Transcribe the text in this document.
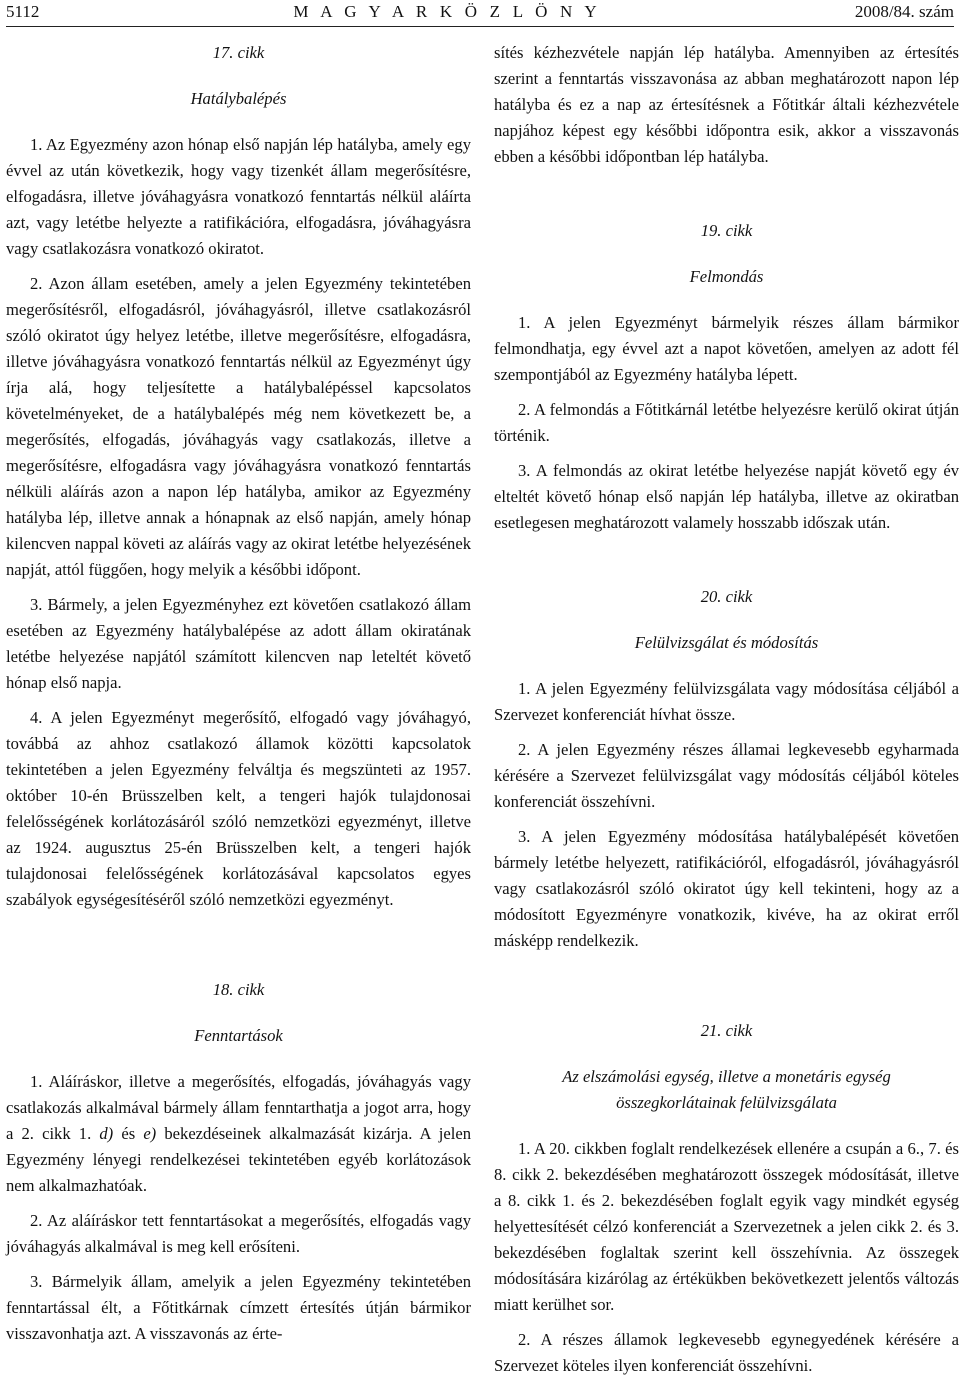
5112	M A G Y A R K Ö Z L Ö N Y	2008/84. szám

17. cikk

Hatálybalépés

1. Az Egyezmény azon hónap első napján lép hatályba, amely egy évvel az után következik, hogy vagy tizenkét állam megerősítésre, elfogadásra, illetve jóváhagyásra vonatkozó fenntartás nélkül aláírta azt, vagy letétbe helyezte a ratifikációra, elfogadásra, jóváhagyásra vagy csatlakozásra vonatkozó okiratot.

2. Azon állam esetében, amely a jelen Egyezmény tekintetében megerősítésről, elfogadásról, jóváhagyásról, illetve csatlakozásról szóló okiratot úgy helyez letétbe, illetve megerősítésre, elfogadásra, illetve jóváhagyásra vonatkozó fenntartás nélkül az Egyezményt úgy írja alá, hogy teljesítette a hatálybalépéssel kapcsolatos követelményeket, de a hatálybalépés még nem következett be, a megerősítés, elfogadás, jóváhagyás vagy csatlakozás, illetve a megerősítésre, elfogadásra vagy jóváhagyásra vonatkozó fenntartás nélküli aláírás azon a napon lép hatályba, amikor az Egyezmény hatályba lép, illetve annak a hónapnak az első napján, amely hónap kilencven nappal követi az aláírás vagy az okirat letétbe helyezésének napját, attól függően, hogy melyik a későbbi időpont.

3. Bármely, a jelen Egyezményhez ezt követően csatlakozó állam esetében az Egyezmény hatálybalépése az adott állam okiratának letétbe helyezése napjától számított kilencven nap leteltét követő hónap első napja.

4. A jelen Egyezményt megerősítő, elfogadó vagy jóváhagyó, továbbá az ahhoz csatlakozó államok közötti kapcsolatok tekintetében a jelen Egyezmény felváltja és megszünteti az 1957. október 10-én Brüsszelben kelt, a tengeri hajók tulajdonosai felelősségének korlátozásáról szóló nemzetközi egyezményt, illetve az 1924. augusztus 25-én Brüsszelben kelt, a tengeri hajók tulajdonosai felelősségének korlátozásával kapcsolatos egyes szabályok egységesítéséről szóló nemzetközi egyezményt.

18. cikk

Fenntartások

1. Aláíráskor, illetve a megerősítés, elfogadás, jóváhagyás vagy csatlakozás alkalmával bármely állam fenntarthatja a jogot arra, hogy a 2. cikk 1. d) és e) bekezdéseinek alkalmazását kizárja. A jelen Egyezmény lényegi rendelkezései tekintetében egyéb korlátozások nem alkalmazhatóak.

2. Az aláíráskor tett fenntartásokat a megerősítés, elfogadás vagy jóváhagyás alkalmával is meg kell erősíteni.

3. Bármelyik állam, amelyik a jelen Egyezmény tekintetében fenntartással élt, a Főtitkárnak címzett értesítés útján bármikor visszavonhatja azt. A visszavonás az érte-

sítés kézhezvétele napján lép hatályba. Amennyiben az értesítés szerint a fenntartás visszavonása az abban meghatározott napon lép hatályba és ez a nap az értesítésnek a Főtitkár általi kézhezvétele napjához képest egy későbbi időpontra esik, akkor a visszavonás ebben a későbbi időpontban lép hatályba.

19. cikk

Felmondás

1. A jelen Egyezményt bármelyik részes állam bármikor felmondhatja, egy évvel azt a napot követően, amelyen az adott fél szempontjából az Egyezmény hatályba lépett.

2. A felmondás a Főtitkárnál letétbe helyezésre kerülő okirat útján történik.

3. A felmondás az okirat letétbe helyezése napját követő egy év elteltét követő hónap első napján lép hatályba, illetve az okiratban esetlegesen meghatározott valamely hosszabb időszak után.

20. cikk

Felülvizsgálat és módosítás

1. A jelen Egyezmény felülvizsgálata vagy módosítása céljából a Szervezet konferenciát hívhat össze.

2. A jelen Egyezmény részes államai legkevesebb egyharmada kérésére a Szervezet felülvizsgálat vagy módosítás céljából köteles konferenciát összehívni.

3. A jelen Egyezmény módosítása hatálybalépését követően bármely letétbe helyezett, ratifikációról, elfogadásról, jóváhagyásról vagy csatlakozásról szóló okiratot úgy kell tekinteni, hogy az a módosított Egyezményre vonatkozik, kivéve, ha az okirat erről másképp rendelkezik.

21. cikk

Az elszámolási egység, illetve a monetáris egység összegkorlátainak felülvizsgálata

1. A 20. cikkben foglalt rendelkezések ellenére a csupán a 6., 7. és 8. cikk 2. bekezdésében meghatározott összegek módosítását, illetve a 8. cikk 1. és 2. bekezdésében foglalt egyik vagy mindkét egység helyettesítését célzó konferenciát a Szervezetnek a jelen cikk 2. és 3. bekezdésében foglaltak szerint kell összehívnia. Az összegek módosítására kizárólag az értékükben bekövetkezett jelentős változás miatt kerülhet sor.

2. A részes államok legkevesebb egynegyedének kérésére a Szervezet köteles ilyen konferenciát összehívni.
